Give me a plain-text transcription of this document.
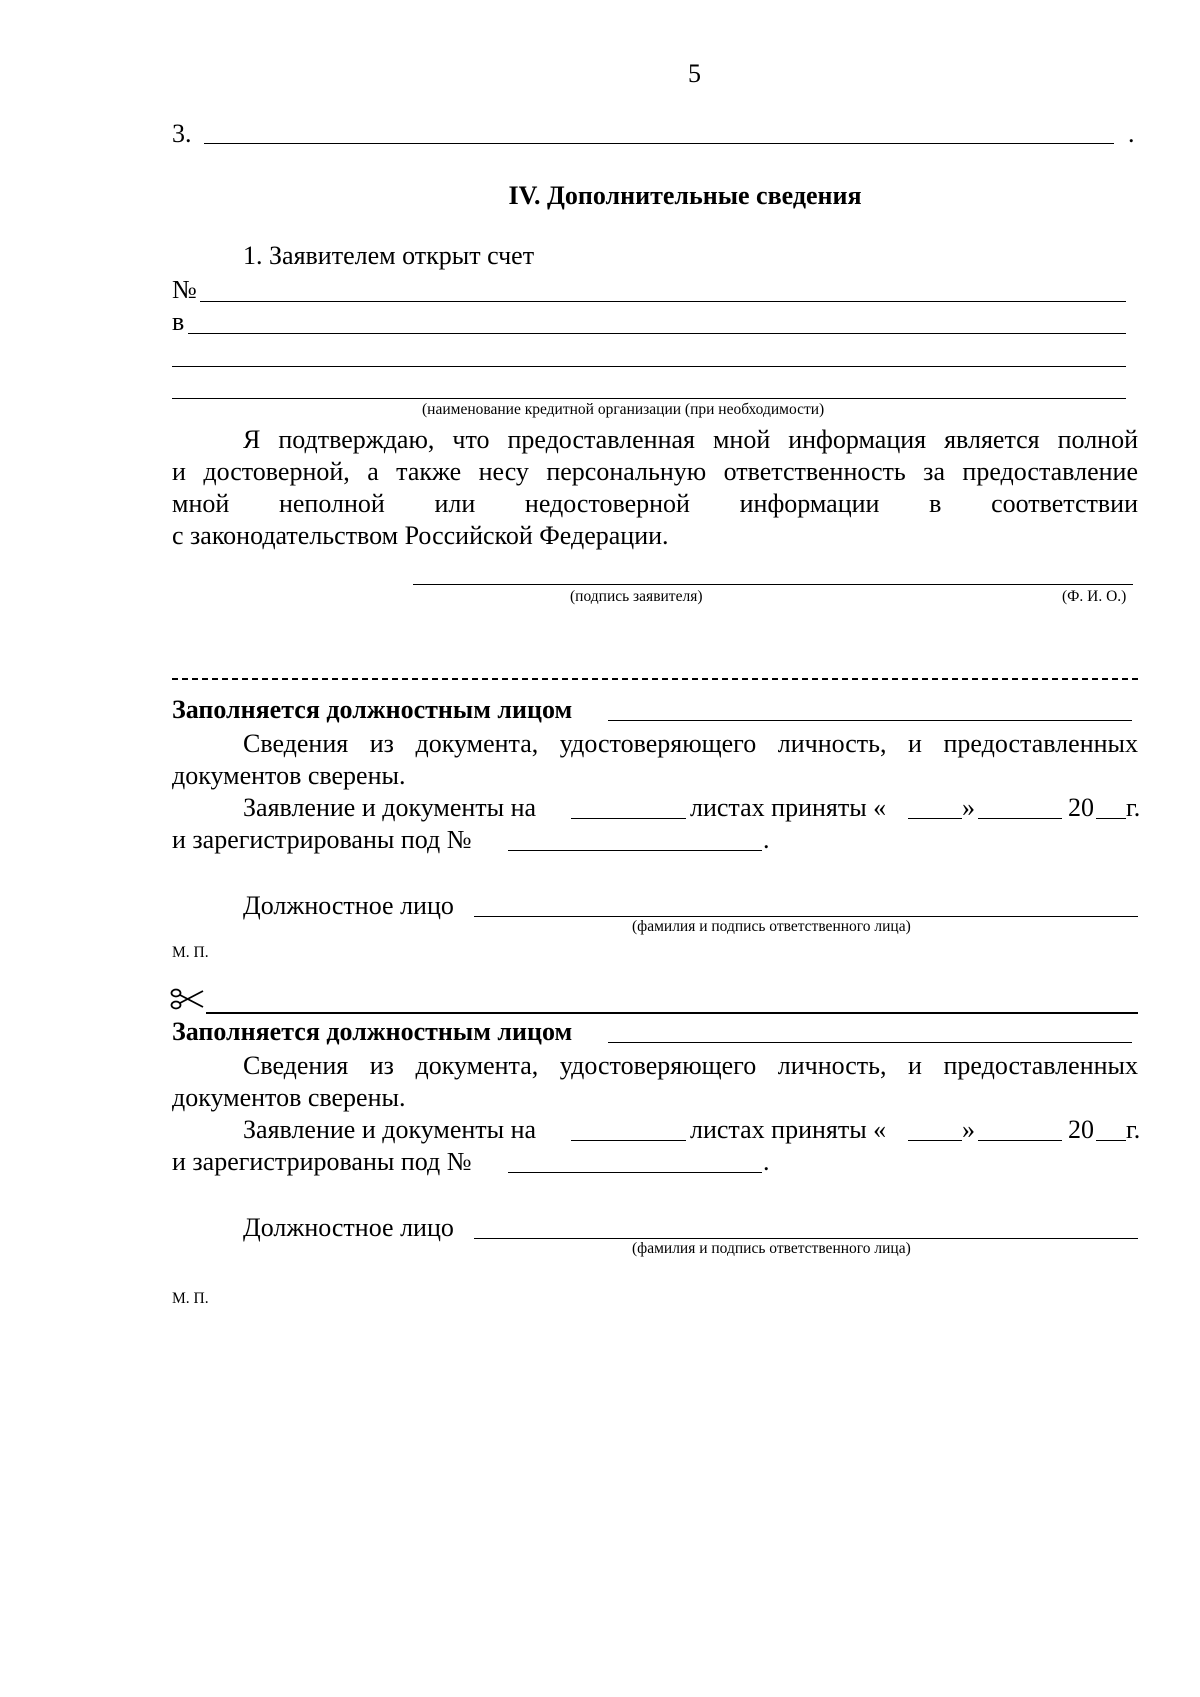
5
3.	.
IV. Дополнительные сведения
1. Заявителем открыт счет
№
в
(наименование кредитной организации (при необходимости)
Я подтверждаю, что предоставленная мной информация является полной
и достоверной, а также несу персональную ответственность за предоставление
мной неполной или недостоверной информации в соответствии
с законодательством Российской Федерации.
(подпись заявителя)	(Ф. И. О.)
Заполняется должностным лицом
Сведения из документа, удостоверяющего личность, и предоставленных
документов сверены.
Заявление и документы на	листах приняты «	»	20 г.
и зарегистрированы под №	.
Должностное лицо
(фамилия и подпись ответственного лица)
М. П.
Заполняется должностным лицом
Сведения из документа, удостоверяющего личность, и предоставленных
документов сверены.
Заявление и документы на	листах приняты «	»	20 г.
и зарегистрированы под №	.
Должностное лицо
(фамилия и подпись ответственного лица)
М. П.
